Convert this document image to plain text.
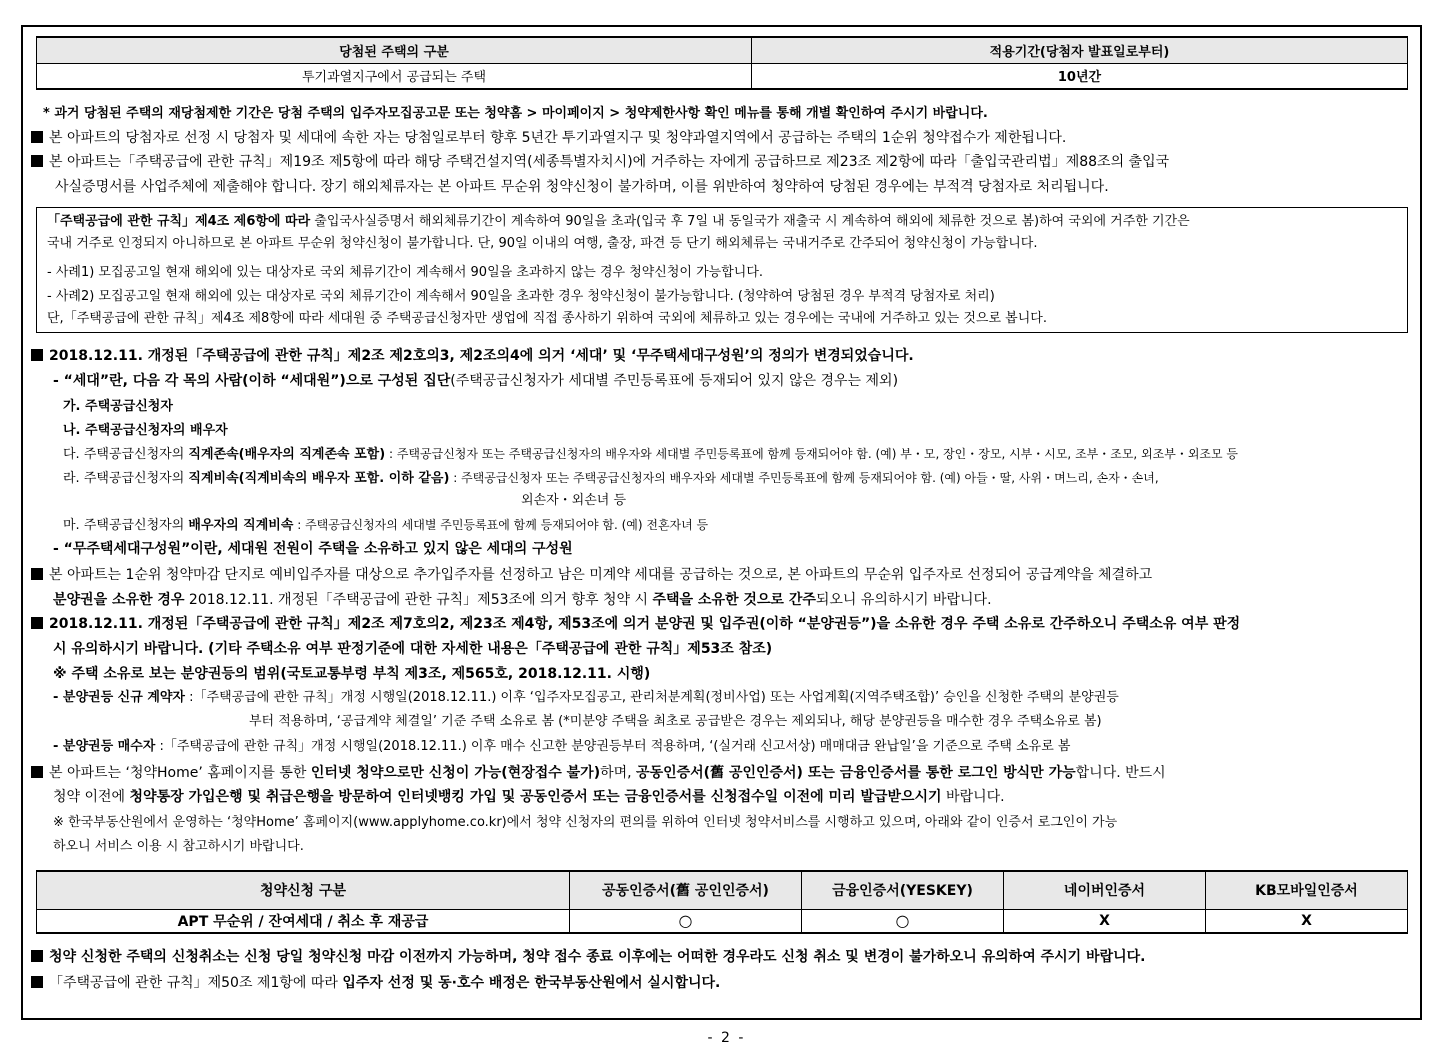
당첨된 주택의 구분	적용기간(당첨자 발표일로부터)
투기과열지구에서 공급되는 주택	10년간
* 과거 당첨된 주택의 재당첨제한 기간은 당첨 주택의 입주자모집공고문 또는 청약홈 > 마이페이지 > 청약제한사항 확인 메뉴를 통해 개별 확인하여 주시기 바랍니다.
본 아파트의 당첨자로 선정 시 당첨자 및 세대에 속한 자는 당첨일로부터 향후 5년간 투기과열지구 및 청약과열지역에서 공급하는 주택의 1순위 청약접수가 제한됩니다.
본 아파트는「주택공급에 관한 규칙」제19조 제5항에 따라 해당 주택건설지역(세종특별자치시)에 거주하는 자에게 공급하므로 제23조 제2항에 따라「출입국관리법」제88조의 출입국
사실증명서를 사업주체에 제출해야 합니다. 장기 해외체류자는 본 아파트 무순위 청약신청이 불가하며, 이를 위반하여 청약하여 당첨된 경우에는 부적격 당첨자로 처리됩니다.
「주택공급에 관한 규칙」제4조 제6항에 따라 출입국사실증명서 해외체류기간이 계속하여 90일을 초과(입국 후 7일 내 동일국가 재출국 시 계속하여 해외에 체류한 것으로 봄)하여 국외에 거주한 기간은
국내 거주로 인정되지 아니하므로 본 아파트 무순위 청약신청이 불가합니다. 단, 90일 이내의 여행, 출장, 파견 등 단기 해외체류는 국내거주로 간주되어 청약신청이 가능합니다.
- 사례1) 모집공고일 현재 해외에 있는 대상자로 국외 체류기간이 계속해서 90일을 초과하지 않는 경우 청약신청이 가능합니다.
- 사례2) 모집공고일 현재 해외에 있는 대상자로 국외 체류기간이 계속해서 90일을 초과한 경우 청약신청이 불가능합니다. (청약하여 당첨된 경우 부적격 당첨자로 처리)
단,「주택공급에 관한 규칙」제4조 제8항에 따라 세대원 중 주택공급신청자만 생업에 직접 종사하기 위하여 국외에 체류하고 있는 경우에는 국내에 거주하고 있는 것으로 봅니다.
2018.12.11. 개정된「주택공급에 관한 규칙」제2조 제2호의3, 제2조의4에 의거 ‘세대’ 및 ‘무주택세대구성원’의 정의가 변경되었습니다.
- “세대”란, 다음 각 목의 사람(이하 “세대원”)으로 구성된 집단(주택공급신청자가 세대별 주민등록표에 등재되어 있지 않은 경우는 제외)
가. 주택공급신청자
나. 주택공급신청자의 배우자
다. 주택공급신청자의 직계존속(배우자의 직계존속 포함) : 주택공급신청자 또는 주택공급신청자의 배우자와 세대별 주민등록표에 함께 등재되어야 함. (예) 부・모, 장인・장모, 시부・시모, 조부・조모, 외조부・외조모 등
라. 주택공급신청자의 직계비속(직계비속의 배우자 포함. 이하 같음) : 주택공급신청자 또는 주택공급신청자의 배우자와 세대별 주민등록표에 함께 등재되어야 함. (예) 아들・딸, 사위・며느리, 손자・손녀,
외손자・외손녀 등
마. 주택공급신청자의 배우자의 직계비속 : 주택공급신청자의 세대별 주민등록표에 함께 등재되어야 함. (예) 전혼자녀 등
- “무주택세대구성원”이란, 세대원 전원이 주택을 소유하고 있지 않은 세대의 구성원
본 아파트는 1순위 청약마감 단지로 예비입주자를 대상으로 추가입주자를 선정하고 남은 미계약 세대를 공급하는 것으로, 본 아파트의 무순위 입주자로 선정되어 공급계약을 체결하고
분양권을 소유한 경우 2018.12.11. 개정된「주택공급에 관한 규칙」제53조에 의거 향후 청약 시 주택을 소유한 것으로 간주되오니 유의하시기 바랍니다.
2018.12.11. 개정된「주택공급에 관한 규칙」제2조 제7호의2, 제23조 제4항, 제53조에 의거 분양권 및 입주권(이하 “분양권등”)을 소유한 경우 주택 소유로 간주하오니 주택소유 여부 판정
시 유의하시기 바랍니다. (기타 주택소유 여부 판정기준에 대한 자세한 내용은「주택공급에 관한 규칙」제53조 참조)
※ 주택 소유로 보는 분양권등의 범위(국토교통부령 부칙 제3조, 제565호, 2018.12.11. 시행)
- 분양권등 신규 계약자 :「주택공급에 관한 규칙」개정 시행일(2018.12.11.) 이후 ‘입주자모집공고, 관리처분계획(정비사업) 또는 사업계획(지역주택조합)’ 승인을 신청한 주택의 분양권등
부터 적용하며, ‘공급계약 체결일’ 기준 주택 소유로 봄 (*미분양 주택을 최초로 공급받은 경우는 제외되나, 해당 분양권등을 매수한 경우 주택소유로 봄)
- 분양권등 매수자 :「주택공급에 관한 규칙」개정 시행일(2018.12.11.) 이후 매수 신고한 분양권등부터 적용하며, ‘(실거래 신고서상) 매매대금 완납일’을 기준으로 주택 소유로 봄
본 아파트는 ‘청약Home’ 홈페이지를 통한 인터넷 청약으로만 신청이 가능(현장접수 불가)하며, 공동인증서(舊 공인인증서) 또는 금융인증서를 통한 로그인 방식만 가능합니다. 반드시
청약 이전에 청약통장 가입은행 및 취급은행을 방문하여 인터넷뱅킹 가입 및 공동인증서 또는 금융인증서를 신청접수일 이전에 미리 발급받으시기 바랍니다.
※ 한국부동산원에서 운영하는 ‘청약Home’ 홈페이지(www.applyhome.co.kr)에서 청약 신청자의 편의를 위하여 인터넷 청약서비스를 시행하고 있으며, 아래와 같이 인증서 로그인이 가능
하오니 서비스 이용 시 참고하시기 바랍니다.
청약신청 구분	공동인증서(舊 공인인증서)	금융인증서(YESKEY)	네이버인증서	KB모바일인증서
APT 무순위 / 잔여세대 / 취소 후 재공급	○	○	X	X
청약 신청한 주택의 신청취소는 신청 당일 청약신청 마감 이전까지 가능하며, 청약 접수 종료 이후에는 어떠한 경우라도 신청 취소 및 변경이 불가하오니 유의하여 주시기 바랍니다.
「주택공급에 관한 규칙」제50조 제1항에 따라 입주자 선정 및 동·호수 배정은 한국부동산원에서 실시합니다.
- 2 -
